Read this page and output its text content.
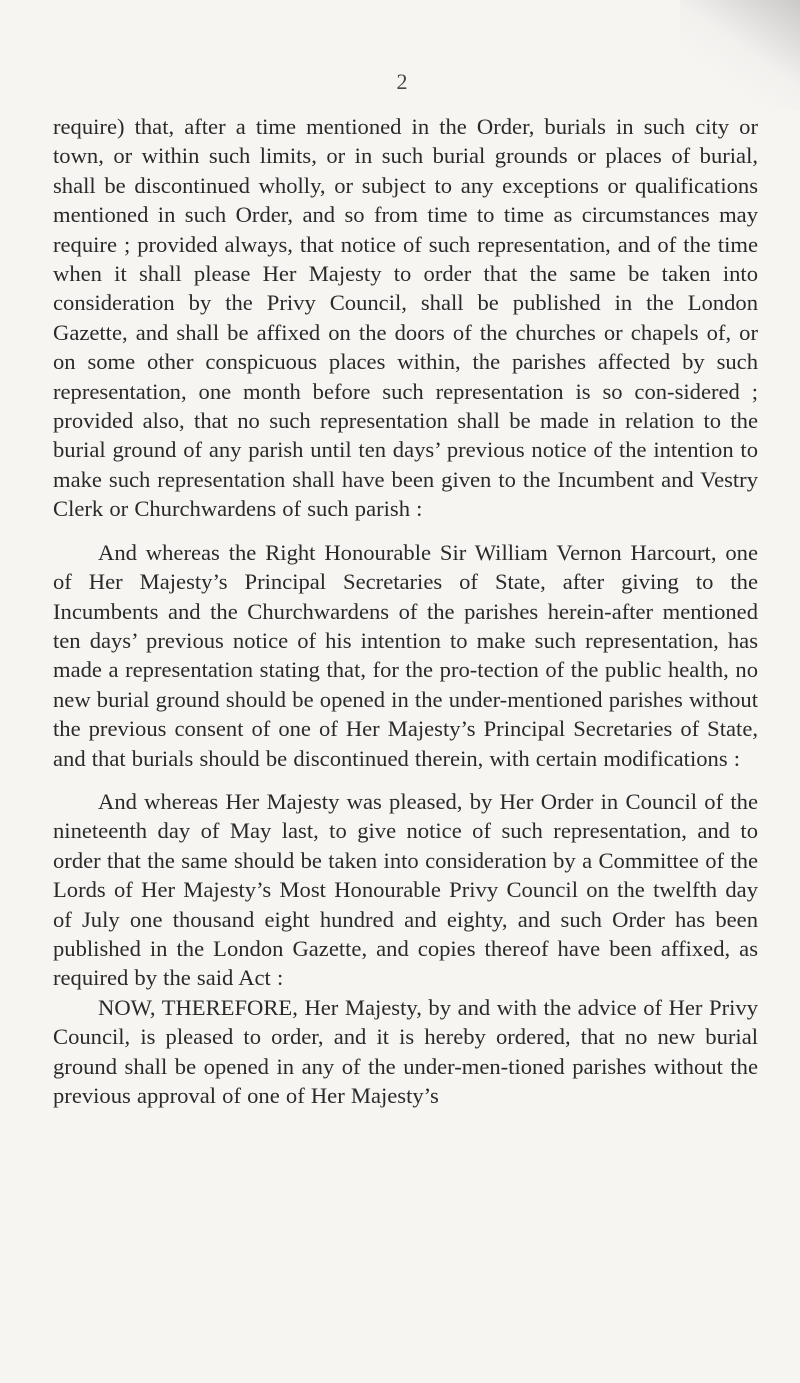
2

require) that, after a time mentioned in the Order, burials in such city or town, or within such limits, or in such burial grounds or places of burial, shall be discontinued wholly, or subject to any exceptions or qualifications mentioned in such Order, and so from time to time as circumstances may require ; provided always, that notice of such representation, and of the time when it shall please Her Majesty to order that the same be taken into consideration by the Privy Council, shall be published in the London Gazette, and shall be affixed on the doors of the churches or chapels of, or on some other conspicuous places within, the parishes affected by such representation, one month before such representation is so con-sidered ; provided also, that no such representation shall be made in relation to the burial ground of any parish until ten days’ previous notice of the intention to make such representation shall have been given to the Incumbent and Vestry Clerk or Churchwardens of such parish :

And whereas the Right Honourable Sir William Vernon Harcourt, one of Her Majesty’s Principal Secretaries of State, after giving to the Incumbents and the Churchwardens of the parishes herein-after mentioned ten days’ previous notice of his intention to make such representation, has made a representation stating that, for the pro-tection of the public health, no new burial ground should be opened in the under-mentioned parishes without the previous consent of one of Her Majesty’s Principal Secretaries of State, and that burials should be discontinued therein, with certain modifications :

And whereas Her Majesty was pleased, by Her Order in Council of the nineteenth day of May last, to give notice of such representation, and to order that the same should be taken into consideration by a Committee of the Lords of Her Majesty’s Most Honourable Privy Council on the twelfth day of July one thousand eight hundred and eighty, and such Order has been published in the London Gazette, and copies thereof have been affixed, as required by the said Act :

NOW, THEREFORE, Her Majesty, by and with the advice of Her Privy Council, is pleased to order, and it is hereby ordered, that no new burial ground shall be opened in any of the under-men-tioned parishes without the previous approval of one of Her Majesty’s
